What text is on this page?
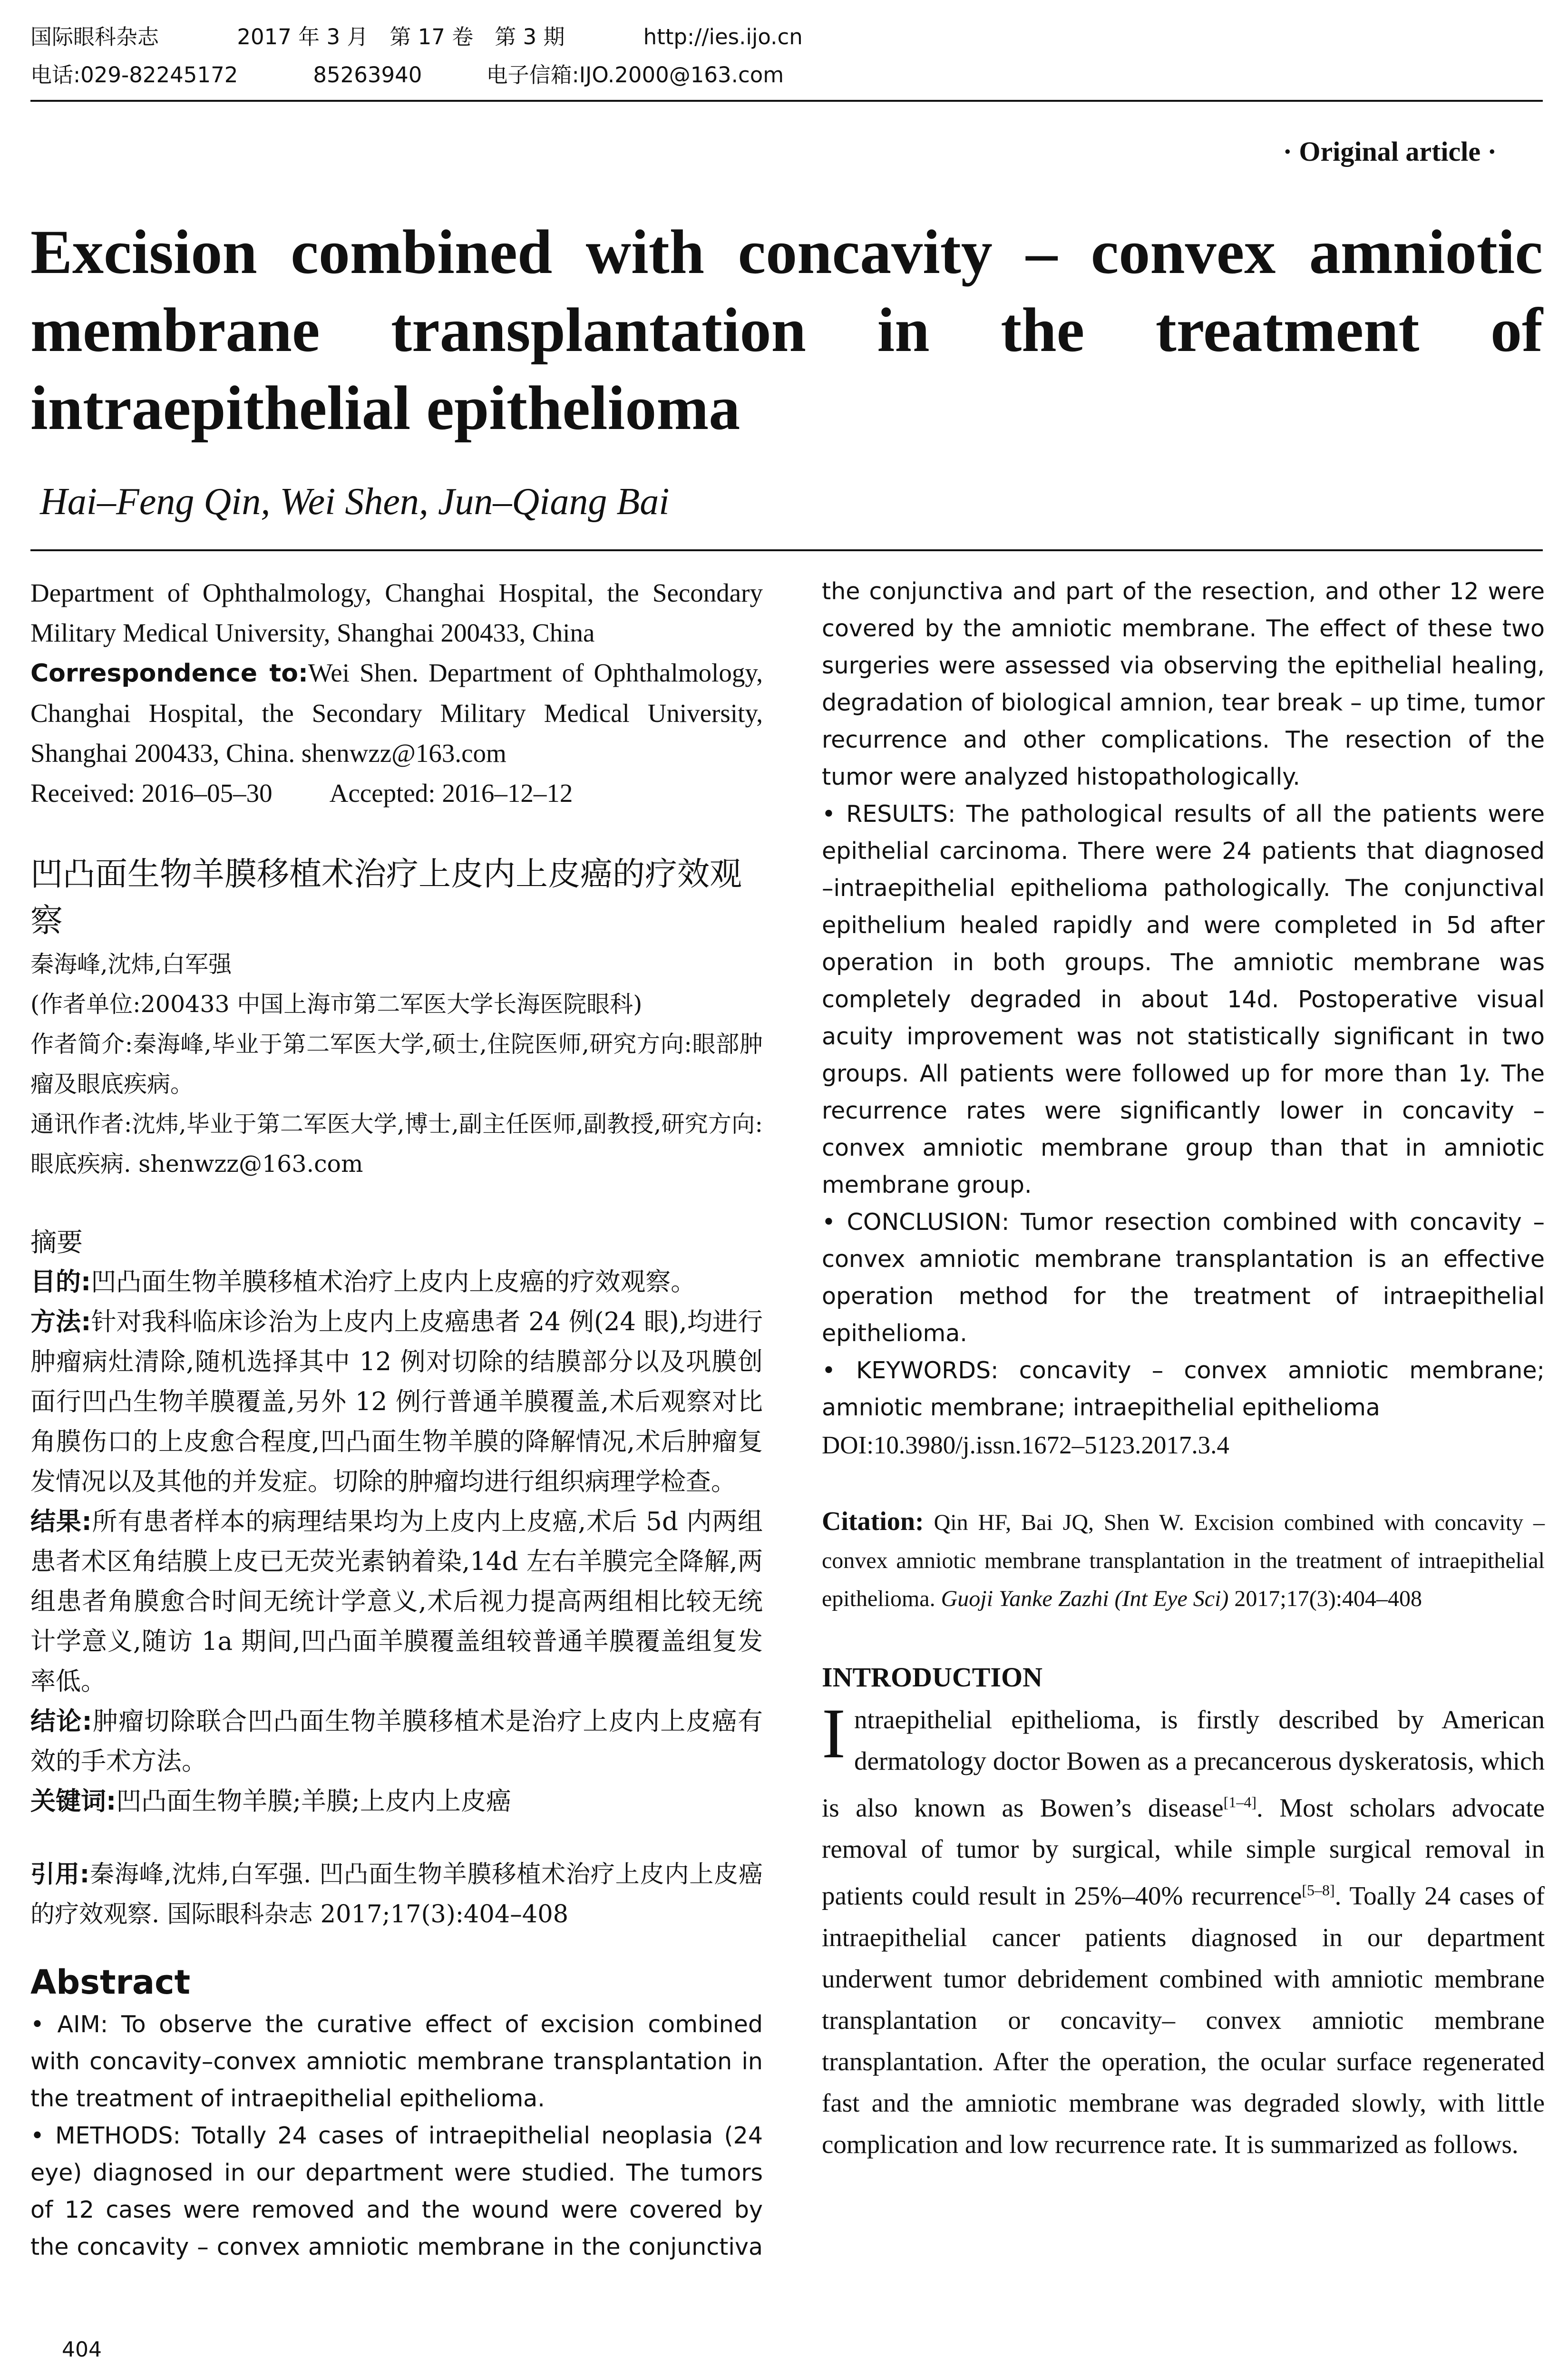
国际眼科杂志	2017 年 3 月　第 17 卷　第 3 期	http://ies.ijo.cn
电话:029-82245172	85263940	电子信箱:IJO.2000@163.com
· Original article ·
Excision combined with concavity – convex amniotic membrane transplantation in the treatment of intraepithelial epithelioma
Hai–Feng Qin, Wei Shen, Jun–Qiang Bai

Department of Ophthalmology, Changhai Hospital, the Secondary Military Medical University, Shanghai 200433, China

Correspondence to:Wei Shen. Department of Ophthalmology, Changhai Hospital, the Secondary Military Medical University, Shanghai 200433, China. shenwzz@163.com

Received: 2016–05–30 Accepted: 2016–12–12
凹凸面生物羊膜移植术治疗上皮内上皮癌的疗效观察

秦海峰,沈炜,白军强

(作者单位:200433 中国上海市第二军医大学长海医院眼科)

作者简介:秦海峰,毕业于第二军医大学,硕士,住院医师,研究方向:眼部肿瘤及眼底疾病。

通讯作者:沈炜,毕业于第二军医大学,博士,副主任医师,副教授,研究方向:眼底疾病. shenwzz@163.com

摘要

目的:凹凸面生物羊膜移植术治疗上皮内上皮癌的疗效观察。

方法:针对我科临床诊治为上皮内上皮癌患者 24 例(24 眼),均进行肿瘤病灶清除,随机选择其中 12 例对切除的结膜部分以及巩膜创面行凹凸生物羊膜覆盖,另外 12 例行普通羊膜覆盖,术后观察对比角膜伤口的上皮愈合程度,凹凸面生物羊膜的降解情况,术后肿瘤复发情况以及其他的并发症。切除的肿瘤均进行组织病理学检查。

结果:所有患者样本的病理结果均为上皮内上皮癌,术后 5d 内两组患者术区角结膜上皮已无荧光素钠着染,14d 左右羊膜完全降解,两组患者角膜愈合时间无统计学意义,术后视力提高两组相比较无统计学意义,随访 1a 期间,凹凸面羊膜覆盖组较普通羊膜覆盖组复发率低。

结论:肿瘤切除联合凹凸面生物羊膜移植术是治疗上皮内上皮癌有效的手术方法。

关键词:凹凸面生物羊膜;羊膜;上皮内上皮癌

引用:秦海峰,沈炜,白军强. 凹凸面生物羊膜移植术治疗上皮内上皮癌的疗效观察. 国际眼科杂志 2017;17(3):404–408
Abstract

• AIM: To observe the curative effect of excision combined with concavity–convex amniotic membrane transplantation in the treatment of intraepithelial epithelioma.

• METHODS: Totally 24 cases of intraepithelial neoplasia (24 eye) diagnosed in our department were studied. The tumors of 12 cases were removed and the wound were covered by the concavity – convex amniotic membrane in the conjunctiva

the conjunctiva and part of the resection, and other 12 were covered by the amniotic membrane. The effect of these two surgeries were assessed via observing the epithelial healing, degradation of biological amnion, tear break – up time, tumor recurrence and other complications. The resection of the tumor were analyzed histopathologically.

• RESULTS: The pathological results of all the patients were epithelial carcinoma. There were 24 patients that diagnosed –intraepithelial epithelioma pathologically. The conjunctival epithelium healed rapidly and were completed in 5d after operation in both groups. The amniotic membrane was completely degraded in about 14d. Postoperative visual acuity improvement was not statistically significant in two groups. All patients were followed up for more than 1y. The recurrence rates were significantly lower in concavity – convex amniotic membrane group than that in amniotic membrane group.

• CONCLUSION: Tumor resection combined with concavity – convex amniotic membrane transplantation is an effective operation method for the treatment of intraepithelial epithelioma.

• KEYWORDS: concavity – convex amniotic membrane; amniotic membrane; intraepithelial epithelioma

DOI:10.3980/j.issn.1672–5123.2017.3.4
Citation: Qin HF, Bai JQ, Shen W. Excision combined with concavity – convex amniotic membrane transplantation in the treatment of intraepithelial epithelioma. Guoji Yanke Zazhi (Int Eye Sci) 2017;17(3):404–408
INTRODUCTION

Intraepithelial epithelioma, is firstly described by American dermatology doctor Bowen as a precancerous dyskeratosis, which is also known as Bowen’s disease[1–4]. Most scholars advocate removal of tumor by surgical, while simple surgical removal in patients could result in 25%–40% recurrence[5–8]. Toally 24 cases of intraepithelial cancer patients diagnosed in our department underwent tumor debridement combined with amniotic membrane transplantation or concavity– convex amniotic membrane transplantation. After the operation, the ocular surface regenerated fast and the amniotic membrane was degraded slowly, with little complication and low recurrence rate. It is summarized as follows.

404
